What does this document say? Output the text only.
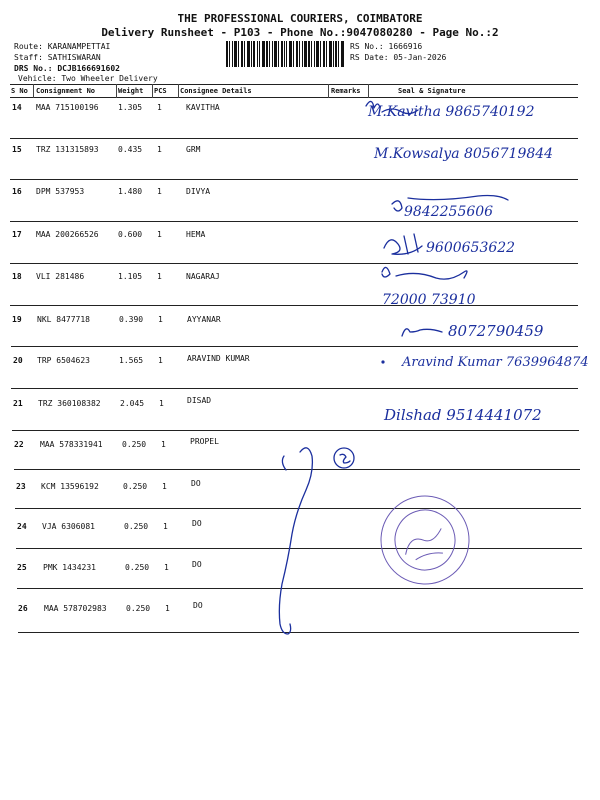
THE PROFESSIONAL COURIERS, COIMBATORE
Delivery Runsheet - P103 - Phone No.:9047080280 - Page No.:2
Route: KARANAMPETTAI
Staff: SATHISWARAN
DRS No.: DCJB166691602
Vehicle: Two Wheeler Delivery
RS No.: 1666916
RS Date: 05-Jan-2026
S No Consignment No	Weight PCS Consignee Details	Remarks	Seal & Signature
14 MAA 715100196 1.305 1	KAVITHA
15 TRZ 131315893 0.435 1	GRM
16 DPM 537953	1.480 1	DIVYA
17 MAA 200266526 0.600 1	HEMA
18 VLI 281486	1.105 1	NAGARAJ
19 NKL 8477718	0.390 1	AYYANAR
20 TRP 6504623	1.565 1	ARAVIND KUMAR
21 TRZ 360108382 2.045 1	DISAD
22 MAA 578331941 0.250 1	PROPEL
23 KCM 13596192	0.250 1	DO
24 VJA 6306081	0.250 1	DO
25 PMK 1434231	0.250 1	DO
26 MAA 578702983 0.250 1	DO
M.Kavitha 9865740192
M.Kowsalya 8056719844
9842255606
9600653622
72000 73910
8072790459
Aravind Kumar 7639964874
Dilshad 9514441072
